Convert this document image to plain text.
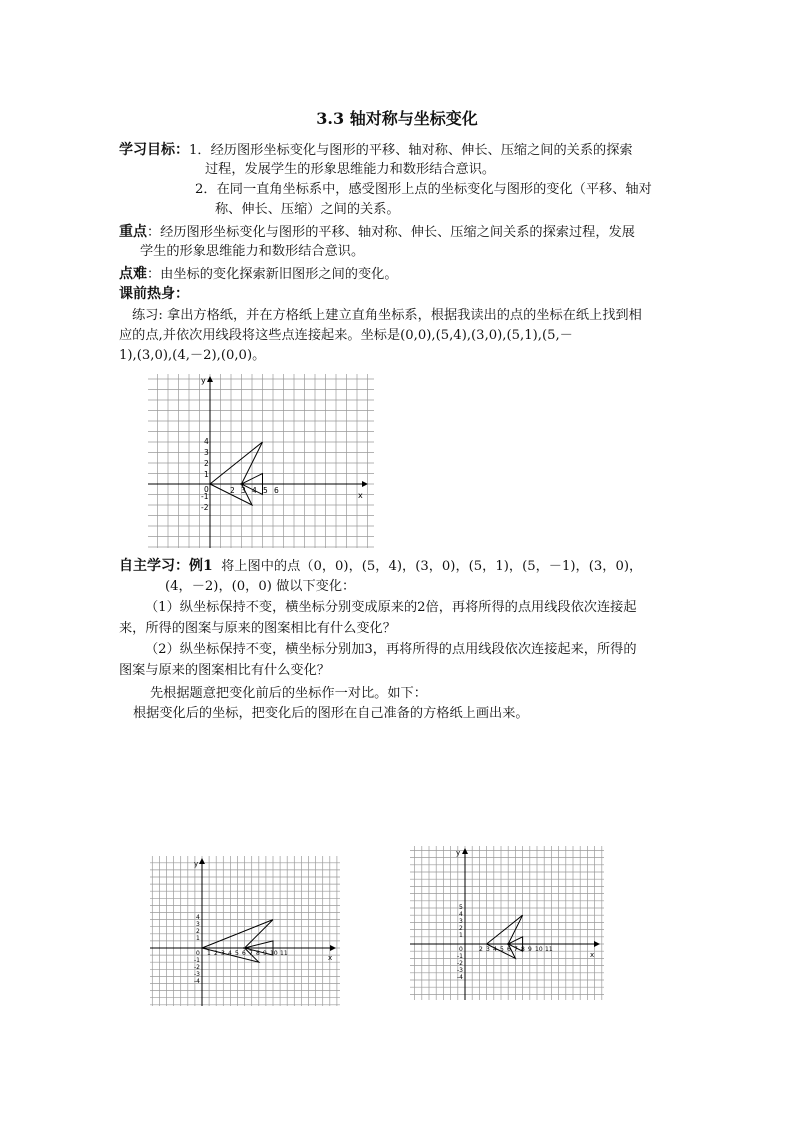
3.3 轴对称与坐标变化
学习目标：1．经历图形坐标变化与图形的平移、轴对称、伸长、压缩之间的关系的探索
过程，发展学生的形象思维能力和数形结合意识。
2．在同一直角坐标系中，感受图形上点的坐标变化与图形的变化（平移、轴对
称、伸长、压缩）之间的关系。
重点：经历图形坐标变化与图形的平移、轴对称、伸长、压缩之间关系的探索过程，发展
学生的形象思维能力和数形结合意识。
点难：由坐标的变化探索新旧图形之间的变化。
课前热身：
练习: 拿出方格纸，并在方格纸上建立直角坐标系，根据我读出的点的坐标在纸上找到相
应的点,并依次用线段将这些点连接起来。坐标是(0,0),(5,4),(3,0),(5,1),(5,－
1),(3,0),(4,－2),(0,0)。
x
y
4
3
2
1
0
-1
-2
2 3 4 5 6
自主学习：例1 将上图中的点（0，0)，(5，4)，(3，0)，(5，1)，(5，－1)，(3，0)，
(4，－2)，(0，0) 做以下变化：
（1）纵坐标保持不变，横坐标分别变成原来的2倍，再将所得的点用线段依次连接起
来，所得的图案与原来的图案相比有什么变化？
（2）纵坐标保持不变，横坐标分别加3，再将所得的点用线段依次连接起来，所得的
图案与原来的图案相比有什么变化？
先根据题意把变化前后的坐标作一对比。如下：
根据变化后的坐标，把变化后的图形在自己准备的方格纸上画出来。
x
y
4
3
2
1
0
-1
-2
-3
-4
1 2 3 4 5 6 7 8 9 10 11	x
y
5
4
3
2
1
0
-1
-2
-3
-4
2 3 4 5 6 7 8 9 10 11
